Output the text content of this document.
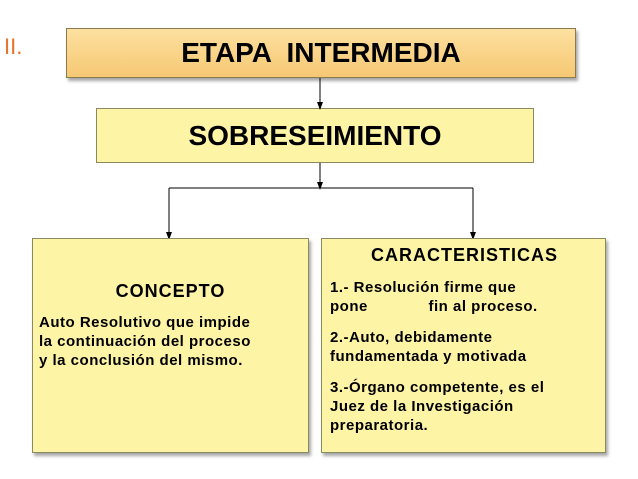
II.	ETAPA  INTERMEDIA
SOBRESEIMIENTO
CONCEPTO
Auto Resolutivo que impide
la continuación del proceso
y la conclusión del mismo.
CARACTERISTICAS
1.- Resolución firme que
pone             fin al proceso.
2.-Auto, debidamente
fundamentada y motivada
3.-Órgano competente, es el
Juez de la Investigación
preparatoria.
